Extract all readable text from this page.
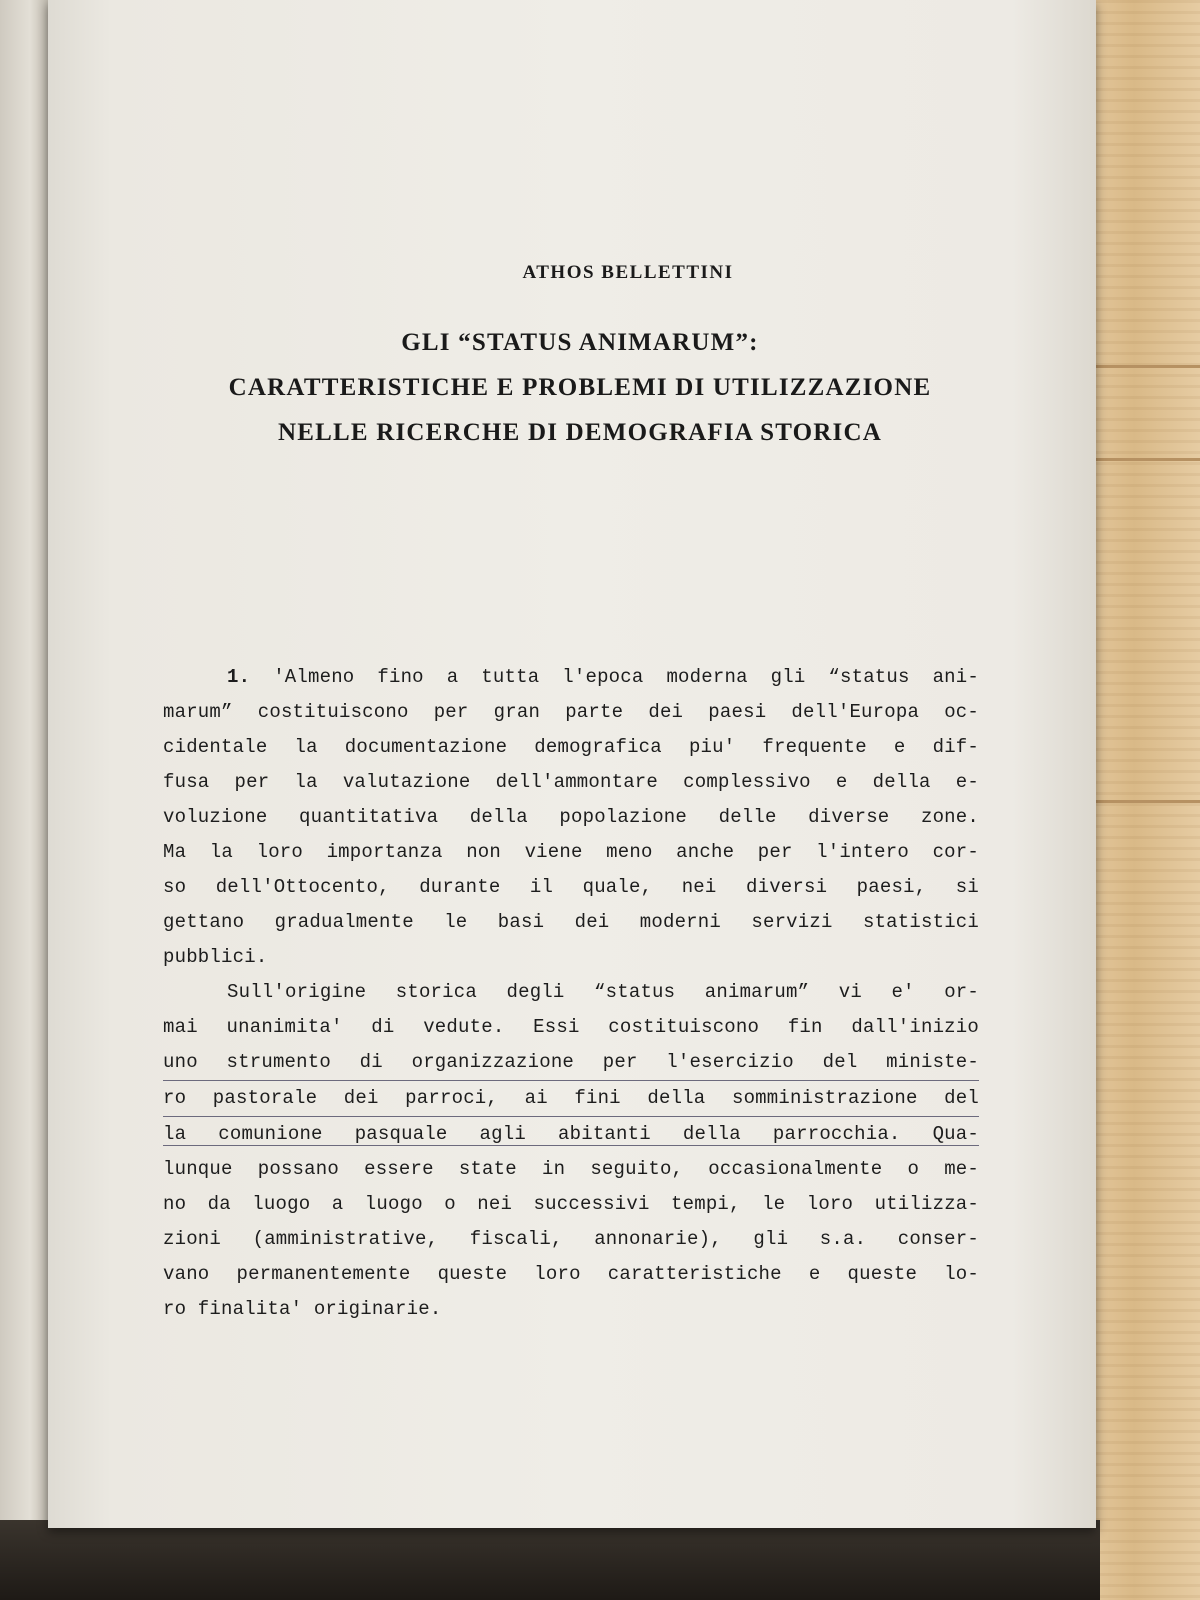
ATHOS BELLETTINI
GLI “STATUS ANIMARUM”:
CARATTERISTICHE E PROBLEMI DI UTILIZZAZIONE
NELLE RICERCHE DI DEMOGRAFIA STORICA
1. 'Almeno fino a tutta l'epoca moderna gli “status ani-
marum” costituiscono per gran parte dei paesi dell'Europa oc-
cidentale la documentazione demografica piu' frequente e dif-
fusa per la valutazione dell'ammontare complessivo e della e-
voluzione quantitativa della popolazione delle diverse zone.
Ma la loro importanza non viene meno anche per l'intero cor-
so dell'Ottocento, durante il quale, nei diversi paesi, si
gettano gradualmente le basi dei moderni servizi statistici
pubblici.
Sull'origine storica degli “status animarum” vi e' or-
mai unanimita' di vedute. Essi costituiscono fin dall'inizio
uno strumento di organizzazione per l'esercizio del ministe-
ro pastorale dei parroci, ai fini della somministrazione del
la comunione pasquale agli abitanti della parrocchia. Qua-
lunque possano essere state in seguito, occasionalmente o me-
no da luogo a luogo o nei successivi tempi, le loro utilizza-
zioni (amministrative, fiscali, annonarie), gli s.a. conser-
vano permanentemente queste loro caratteristiche e queste lo-
ro finalita' originarie.
